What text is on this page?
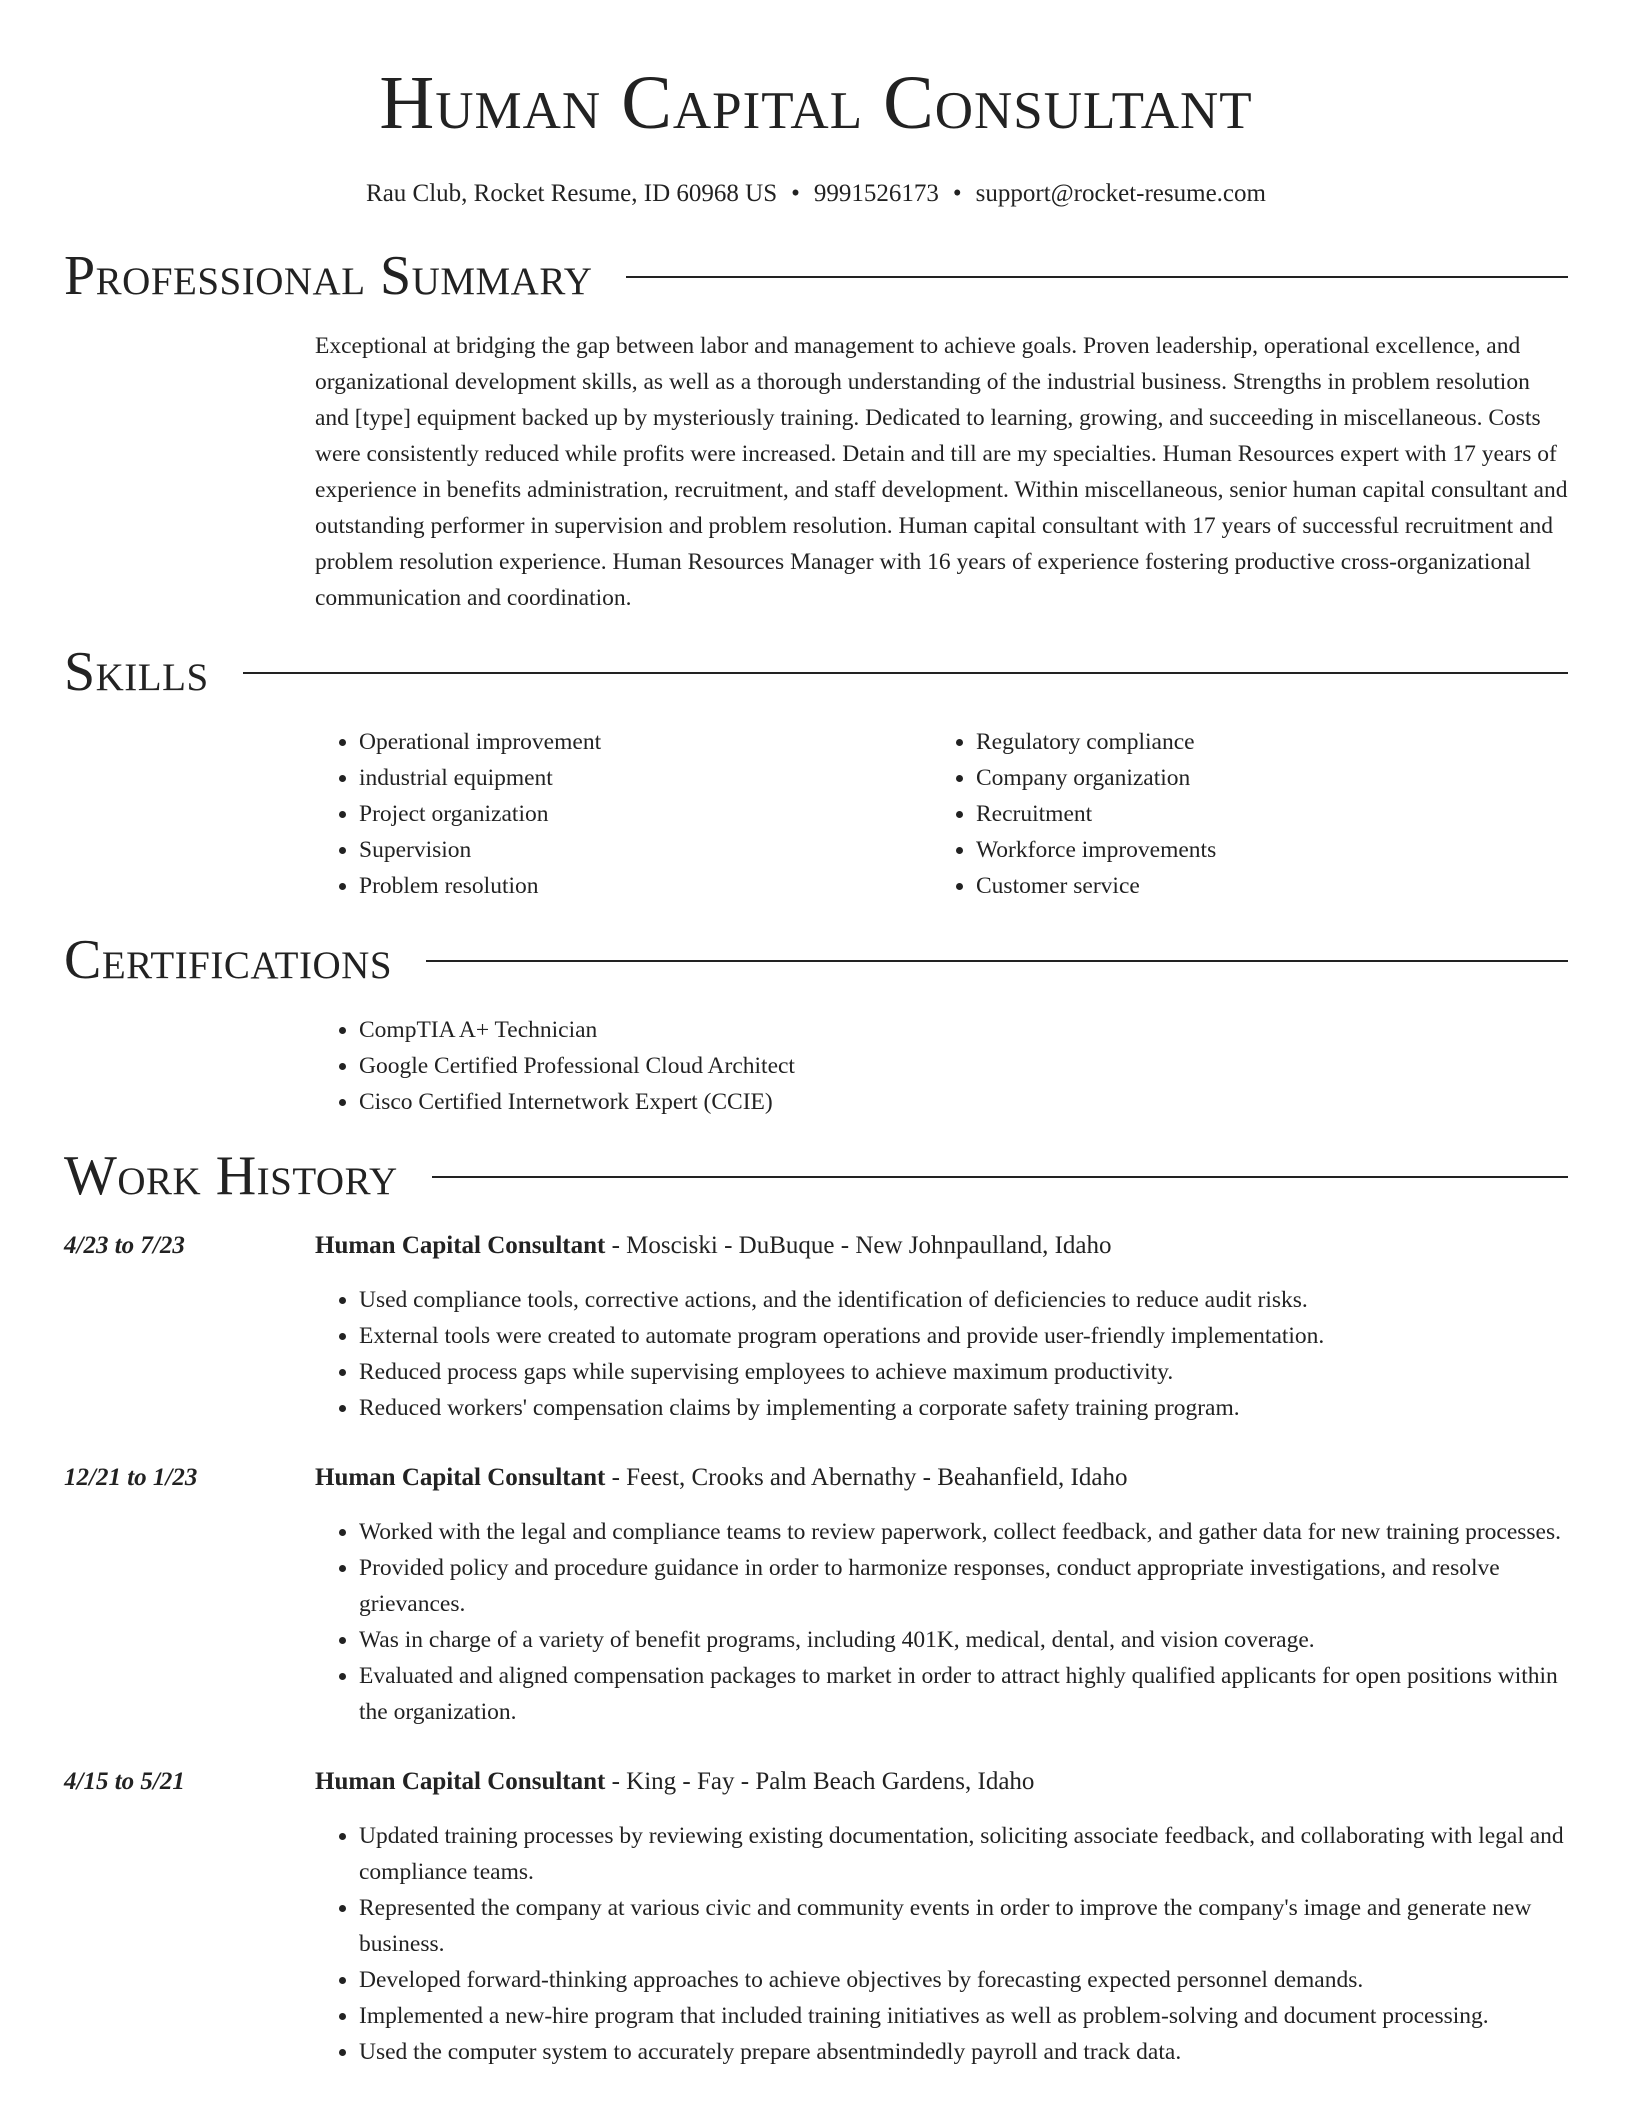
Human Capital Consultant
Rau Club, Rocket Resume, ID 60968 US • 9991526173 • support@rocket-resume.com
Professional Summary

Exceptional at bridging the gap between labor and management to achieve goals. Proven leadership, operational excellence, and organizational development skills, as well as a thorough understanding of the industrial business. Strengths in problem resolution and [type] equipment backed up by mysteriously training. Dedicated to learning, growing, and succeeding in miscellaneous. Costs were consistently reduced while profits were increased. Detain and till are my specialties. Human Resources expert with 17 years of experience in benefits administration, recruitment, and staff development. Within miscellaneous, senior human capital consultant and outstanding performer in supervision and problem resolution. Human capital consultant with 17 years of successful recruitment and problem resolution experience. Human Resources Manager with 16 years of experience fostering productive cross-organizational communication and coordination.

Skills
• Operational improvement
• industrial equipment
• Project organization
• Supervision
• Problem resolution
• Regulatory compliance
• Company organization
• Recruitment
• Workforce improvements
• Customer service
Certifications
• CompTIA A+ Technician
• Google Certified Professional Cloud Architect
• Cisco Certified Internetwork Expert (CCIE)
Work History
4/23 to 7/23	Human Capital Consultant - Mosciski - DuBuque - New Johnpaulland, Idaho
• Used compliance tools, corrective actions, and the identification of deficiencies to reduce audit risks.
• External tools were created to automate program operations and provide user-friendly implementation.
• Reduced process gaps while supervising employees to achieve maximum productivity.
• Reduced workers' compensation claims by implementing a corporate safety training program.
12/21 to 1/23	Human Capital Consultant - Feest, Crooks and Abernathy - Beahanfield, Idaho
• Worked with the legal and compliance teams to review paperwork, collect feedback, and gather data for new training processes.
• Provided policy and procedure guidance in order to harmonize responses, conduct appropriate investigations, and resolve grievances.
• Was in charge of a variety of benefit programs, including 401K, medical, dental, and vision coverage.
• Evaluated and aligned compensation packages to market in order to attract highly qualified applicants for open positions within the organization.
4/15 to 5/21	Human Capital Consultant - King - Fay - Palm Beach Gardens, Idaho
• Updated training processes by reviewing existing documentation, soliciting associate feedback, and collaborating with legal and compliance teams.
• Represented the company at various civic and community events in order to improve the company's image and generate new business.
• Developed forward-thinking approaches to achieve objectives by forecasting expected personnel demands.
• Implemented a new-hire program that included training initiatives as well as problem-solving and document processing.
• Used the computer system to accurately prepare absentmindedly payroll and track data.
